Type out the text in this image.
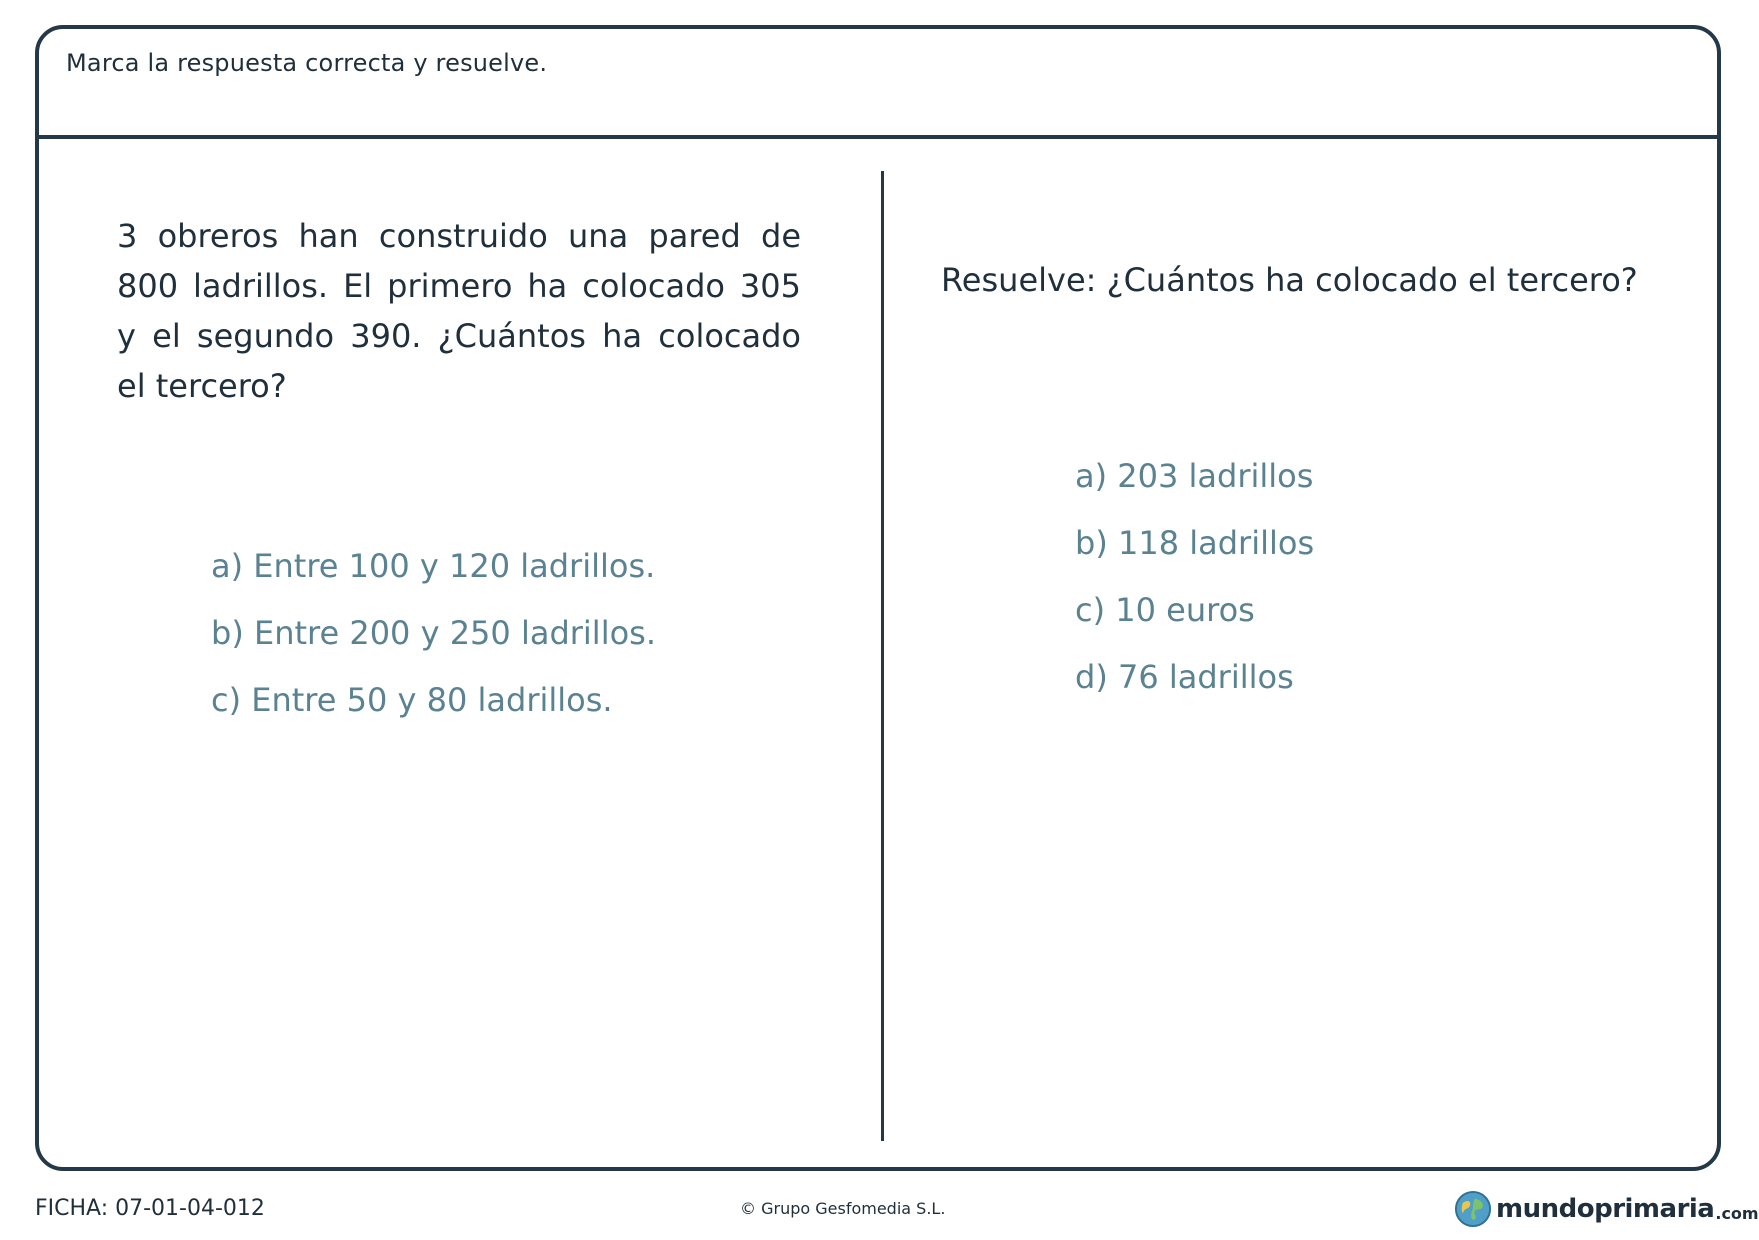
Marca la respuesta correcta y resuelve.
3 obreros han construido una pared de 800 ladrillos. El primero ha colocado 305 y el segundo 390. ¿Cuántos ha colocado el tercero?
a) Entre 100 y 120 ladrillos.
b) Entre 200 y 250 ladrillos.
c) Entre 50 y 80 ladrillos.
Resuelve: ¿Cuántos ha colocado el tercero?
a) 203 ladrillos
b) 118 ladrillos
c) 10 euros
d) 76 ladrillos
FICHA: 07-01-04-012	© Grupo Gesfomedia S.L.	mundoprimaria .com
